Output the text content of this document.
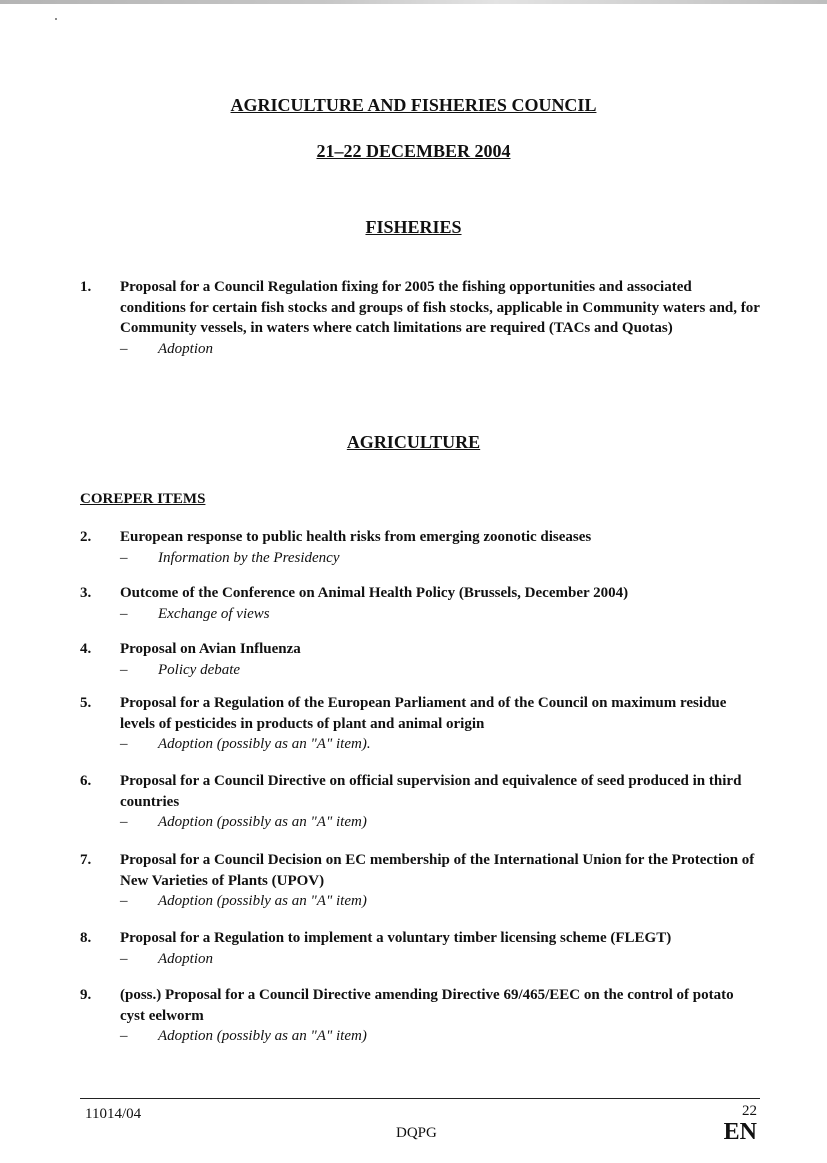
AGRICULTURE AND FISHERIES COUNCIL
21–22 DECEMBER 2004
FISHERIES
1.	Proposal for a Council Regulation fixing for 2005 the fishing opportunities and associated conditions for certain fish stocks and groups of fish stocks, applicable in Community waters and, for Community vessels, in waters where catch limitations are required (TACs and Quotas)
–	Adoption
AGRICULTURE
COREPER ITEMS
2.	European response to public health risks from emerging zoonotic diseases
–	Information by the Presidency
3.	Outcome of the Conference on Animal Health Policy (Brussels, December 2004)
–	Exchange of views
4.	Proposal on Avian Influenza
–	Policy debate
5.	Proposal for a Regulation of the European Parliament and of the Council on maximum residue levels of pesticides in products of plant and animal origin
–	Adoption (possibly as an "A" item).
6.	Proposal for a Council Directive on official supervision and equivalence of seed produced in third countries
–	Adoption (possibly as an "A" item)
7.	Proposal for a Council Decision on EC membership of the International Union for the Protection of New Varieties of Plants (UPOV)
–	Adoption (possibly as an "A" item)
8.	Proposal for a Regulation to implement a voluntary timber licensing scheme (FLEGT)
–	Adoption
9.	(poss.) Proposal for a Council Directive amending Directive 69/465/EEC on the control of potato cyst eelworm
–	Adoption (possibly as an "A" item)
11014/04	22
DQPG	EN
